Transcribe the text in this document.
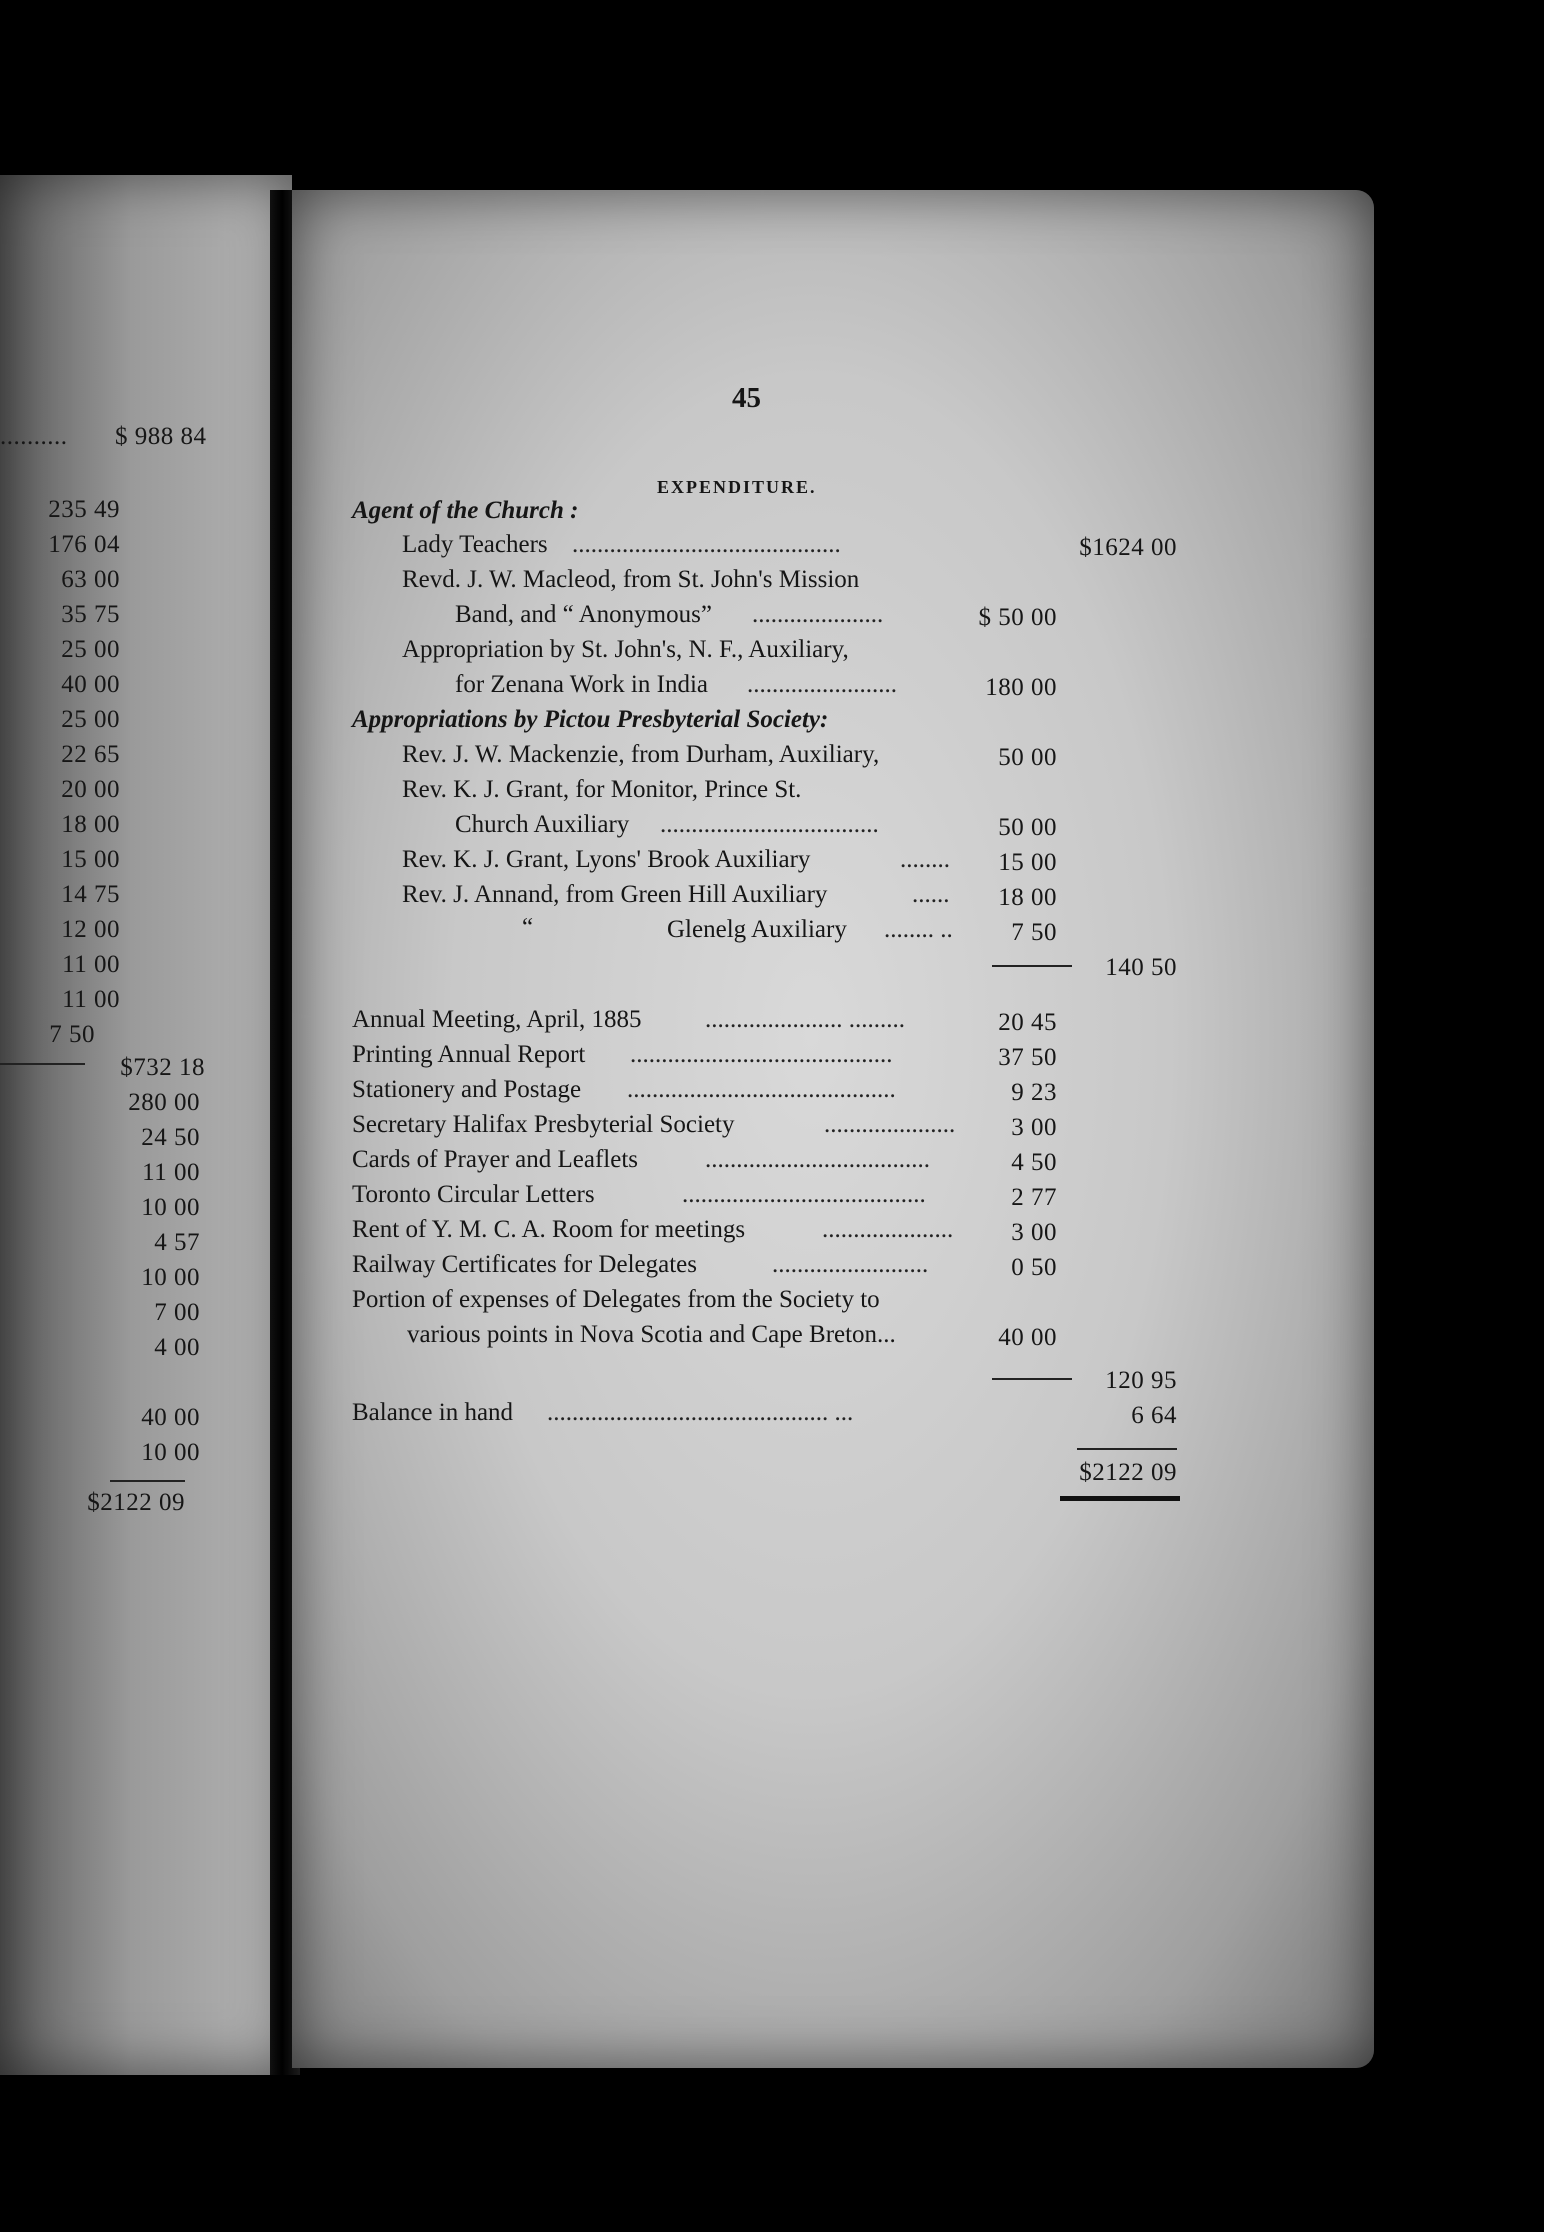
.......... $ 988 84
235 49
176 04
63 00
35 75
25 00
40 00
25 00
22 65
20 00
18 00
15 00
14 75
12 00
11 00
11 00
7 50
$732 18
280 00
24 50
11 00
10 00
4 57
10 00
7 00
4 00
40 00
10 00
$2122 09
45
EXPENDITURE.
Agent of the Church :
Lady Teachers ...........................................	$1624 00
Revd. J. W. Macleod, from St. John's Mission
Band, and “ Anonymous” .....................	$ 50 00
Appropriation by St. John's, N. F., Auxiliary,
for Zenana Work in India ........................	180 00
Appropriations by Pictou Presbyterial Society:
Rev. J. W. Mackenzie, from Durham, Auxiliary,	50 00
Rev. K. J. Grant, for Monitor, Prince St.
Church Auxiliary ...................................	50 00
Rev. K. J. Grant, Lyons' Brook Auxiliary	........	15 00
Rev. J. Annand, from Green Hill Auxiliary	......	18 00
“	Glenelg Auxiliary ........ ..	7 50
140 50
Annual Meeting, April, 1885	...................... .........	20 45
Printing Annual Report ..........................................	37 50
Stationery and Postage ...........................................	9 23
Secretary Halifax Presbyterial Society	.....................	3 00
Cards of Prayer and Leaflets	....................................	4 50
Toronto Circular Letters	.......................................	2 77
Rent of Y. M. C. A. Room for meetings	.....................	3 00
Railway Certificates for Delegates	.........................	0 50
Portion of expenses of Delegates from the Society to
various points in Nova Scotia and Cape Breton...	40 00
120 95
Balance in hand ............................................. ...	6 64
$2122 09
